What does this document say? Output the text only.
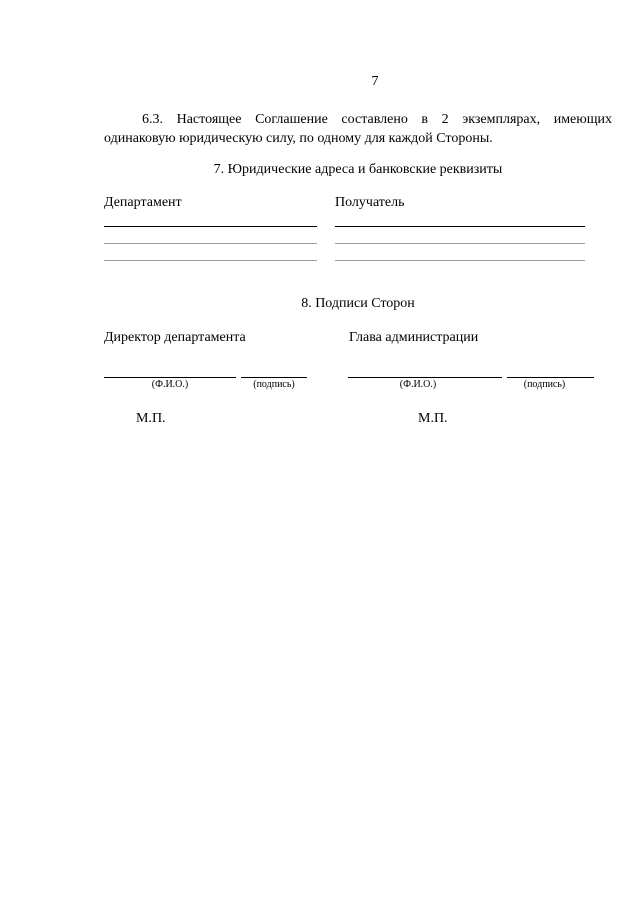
7
6.3. Настоящее Соглашение составлено в 2 экземплярах, имеющих одинаковую юридическую силу, по одному для каждой Стороны.
7. Юридические адреса и банковские реквизиты
Департамент	Получатель
8. Подписи Сторон
Директор департамента	Глава администрации
(Ф.И.О.)	(подпись)	(Ф.И.О.)	(подпись)
М.П.	М.П.
